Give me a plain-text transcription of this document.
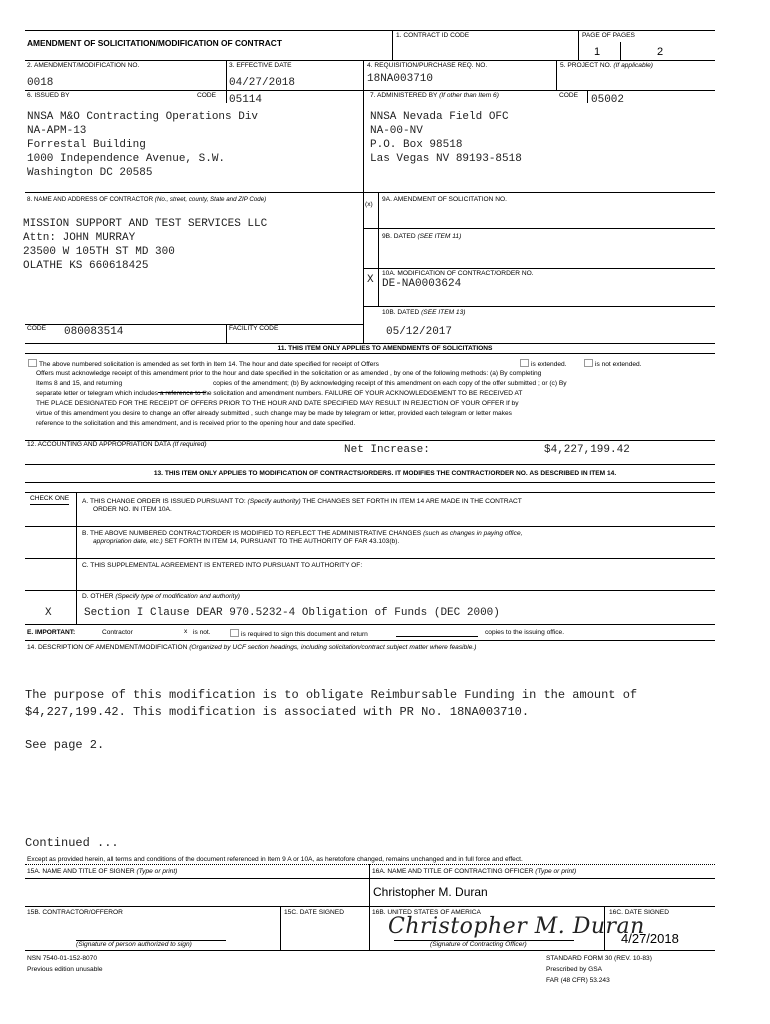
AMENDMENT OF SOLICITATION/MODIFICATION OF CONTRACT
1. CONTRACT ID CODE	PAGE OF PAGES
1	2
2. AMENDMENT/MODIFICATION NO.
0018
3. EFFECTIVE DATE
04/27/2018
4. REQUISITION/PURCHASE REQ. NO.
18NA003710
5. PROJECT NO. (If applicable)
6. ISSUED BY	CODE 05114
NNSA M&O Contracting Operations Div
NA-APM-13
Forrestal Building
1000 Independence Avenue, S.W.
Washington DC 20585
7. ADMINISTERED BY (If other than Item 6)	CODE 05002
NNSA Nevada Field OFC
NA-00-NV
P.O. Box 98518
Las Vegas NV 89193-8518
8. NAME AND ADDRESS OF CONTRACTOR (No., street, county, State and ZIP Code)
MISSION SUPPORT AND TEST SERVICES LLC
Attn: JOHN MURRAY
23500 W 105TH ST MD 300
OLATHE KS 660618425
CODE 080083514	FACILITY CODE
(x)
9A. AMENDMENT OF SOLICITATION NO.
9B. DATED (SEE ITEM 11)
10A. MODIFICATION OF CONTRACT/ORDER NO.
X DE-NA0003624
10B. DATED (SEE ITEM 13)
05/12/2017
11. THIS ITEM ONLY APPLIES TO AMENDMENTS OF SOLICITATIONS
The above numbered solicitation is amended as set forth in Item 14. The hour and date specified for receipt of Offers	is extended.	is not extended.
Offers must acknowledge receipt of this amendment prior to the hour and date specified in the solicitation or as amended , by one of the following methods: (a) By completing
Items 8 and 15, and returning	copies of the amendment; (b) By acknowledging receipt of this amendment on each copy of the offer submitted ; or (c) By
separate letter or telegram which includes a reference to the solicitation and amendment numbers. FAILURE OF YOUR ACKNOWLEDGEMENT TO BE RECEIVED AT
THE PLACE DESIGNATED FOR THE RECEIPT OF OFFERS PRIOR TO THE HOUR AND DATE SPECIFIED MAY RESULT IN REJECTION OF YOUR OFFER If by
virtue of this amendment you desire to change an offer already submitted , such change may be made by telegram or letter, provided each telegram or letter makes
reference to the solicitation and this amendment, and is received prior to the opening hour and date specified.
12. ACCOUNTING AND APPROPRIATION DATA (If required)	Net Increase:	$4,227,199.42
13. THIS ITEM ONLY APPLIES TO MODIFICATION OF CONTRACTS/ORDERS. IT MODIFIES THE CONTRACT/ORDER NO. AS DESCRIBED IN ITEM 14.
CHECK ONE A. THIS CHANGE ORDER IS ISSUED PURSUANT TO: (Specify authority) THE CHANGES SET FORTH IN ITEM 14 ARE MADE IN THE CONTRACT
ORDER NO. IN ITEM 10A.
B. THE ABOVE NUMBERED CONTRACT/ORDER IS MODIFIED TO REFLECT THE ADMINISTRATIVE CHANGES (such as changes in paying office,
appropriation date, etc.) SET FORTH IN ITEM 14, PURSUANT TO THE AUTHORITY OF FAR 43.103(b).
C. THIS SUPPLEMENTAL AGREEMENT IS ENTERED INTO PURSUANT TO AUTHORITY OF:
D. OTHER (Specify type of modification and authority)
X	Section I Clause DEAR 970.5232-4 Obligation of Funds (DEC 2000)
E. IMPORTANT:	Contractor	x is not.	is required to sign this document and return	copies to the issuing office.
14. DESCRIPTION OF AMENDMENT/MODIFICATION (Organized by UCF section headings, including solicitation/contract subject matter where feasible.)
The purpose of this modification is to obligate Reimbursable Funding in the amount of
$4,227,199.42. This modification is associated with PR No. 18NA003710.
See page 2.
Continued ...
Except as provided herein, all terms and conditions of the document referenced in Item 9 A or 10A, as heretofore changed, remains unchanged and in full force and effect.
15A. NAME AND TITLE OF SIGNER (Type or print)	16A. NAME AND TITLE OF CONTRACTING OFFICER (Type or print)
Christopher M. Duran
15B. CONTRACTOR/OFFEROR	15C. DATE SIGNED	16B. UNITED STATES OF AMERICA	16C. DATE SIGNED
(Signature of person authorized to sign)
Christopher M. Duran
(Signature of Contracting Officer)	4/27/2018
NSN 7540-01-152-8070
Previous edition unusable
STANDARD FORM 30 (REV. 10-83)
Prescribed by GSA
FAR (48 CFR) 53.243
